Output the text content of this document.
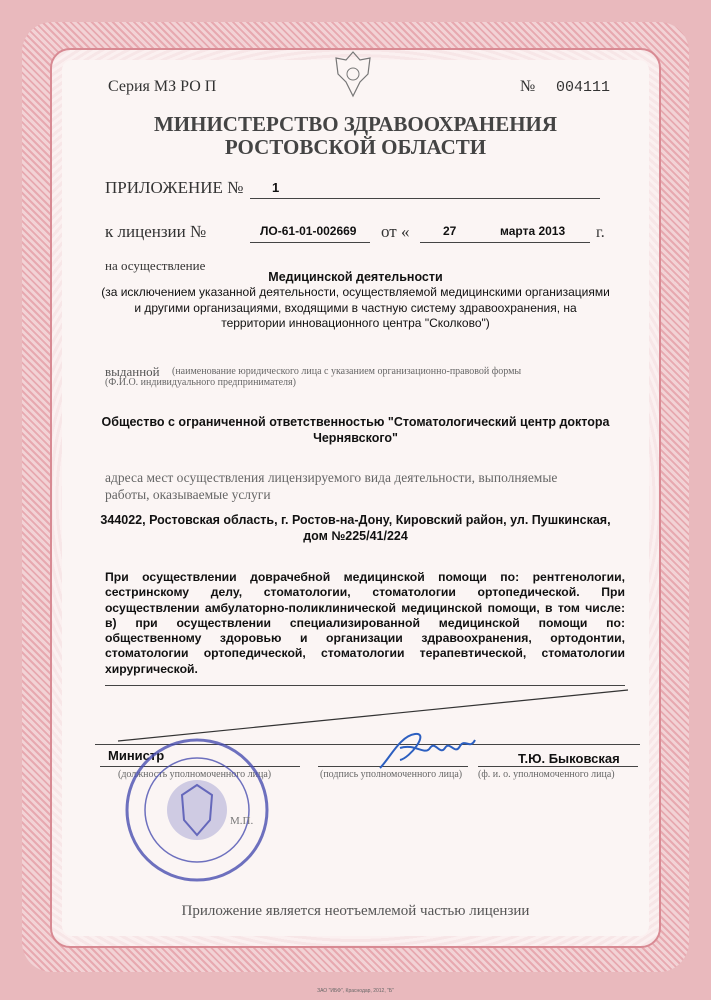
Серия МЗ РО П	№ 004111
МИНИСТЕРСТВО ЗДРАВООХРАНЕНИЯ
РОСТОВСКОЙ ОБЛАСТИ
ПРИЛОЖЕНИЕ № 1
к лицензии №	ЛО-61-01-002669 от «	27	марта 2013 г.
на осуществление
Медицинской деятельности
(за исключением указанной деятельности, осуществляемой медицинскими организациями
и другими организациями, входящими в частную систему здравоохранения, на
территории инновационного центра "Сколково")
выданной (наименование юридического лица с указанием организационно-правовой формы
(Ф.И.О. индивидуального предпринимателя)
Общество с ограниченной ответственностью "Стоматологический центр доктора
Чернявского"
адреса мест осуществления лицензируемого вида деятельности, выполняемые
работы, оказываемые услуги
344022, Ростовская область, г. Ростов-на-Дону, Кировский район, ул. Пушкинская,
дом №225/41/224
При осуществлении доврачебной медицинской помощи по: рентгенологии,
сестринскому делу, стоматологии, стоматологии ортопедической. При
осуществлении амбулаторно-поликлинической медицинской помощи, в том числе:
в) при осуществлении специализированной медицинской помощи по:
общественному здоровью и организации здравоохранения, ортодонтии,
стоматологии ортопедической, стоматологии терапевтической, стоматологии
хирургической.
Министр
(должность уполномоченного лица)	(подпись уполномоченного лица)
Т.Ю. Быковская
(ф. и. о. уполномоченного лица)
М.П.
Приложение является неотъемлемой частью лицензии
ЗАО "ИБФ", Краснодар, 2012, "Б"
